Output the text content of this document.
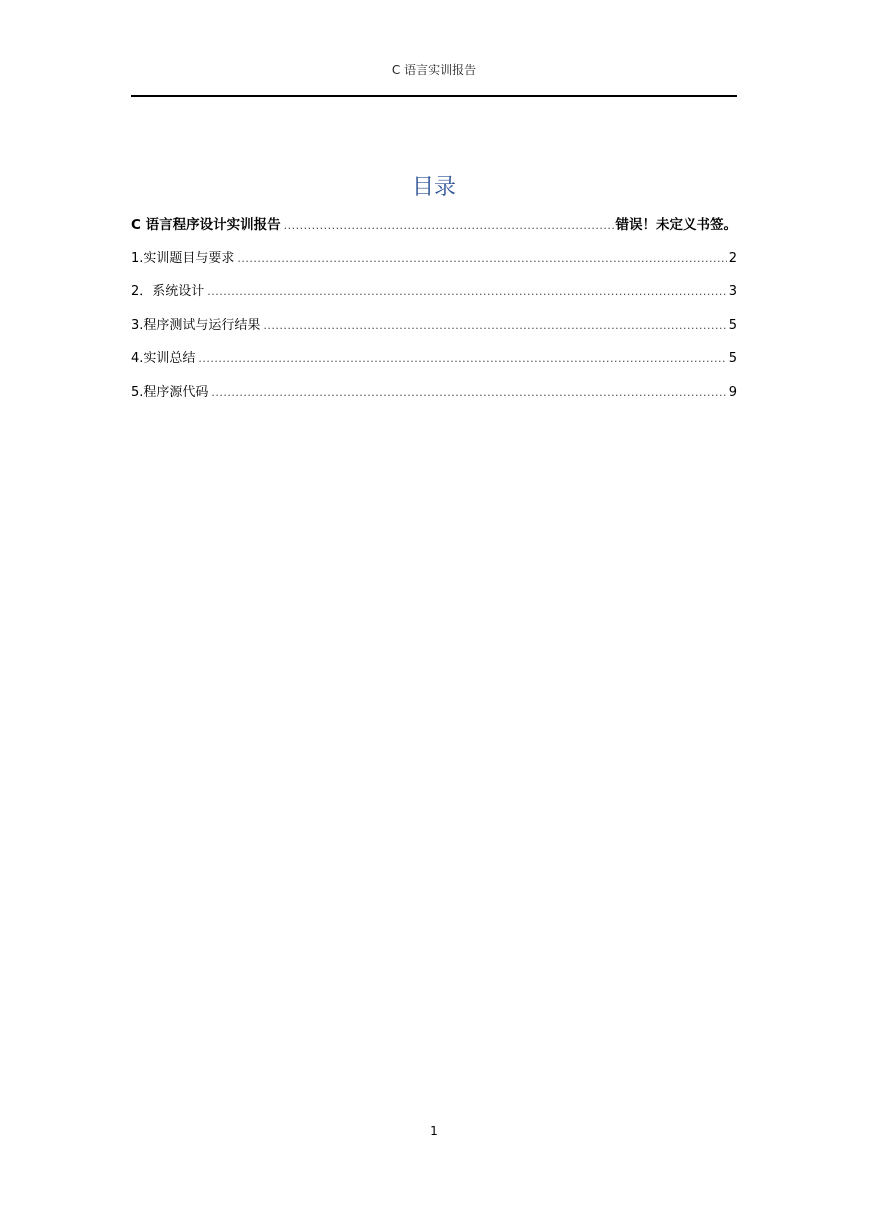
C 语言实训报告
目录
C 语言程序设计实训报告 .....	错误！未定义书签。
1.实训题目与要求 .....	2
2．系统设计 .....	3
3.程序测试与运行结果 .....	5
4.实训总结 .....	5
5.程序源代码 .....	9
1
